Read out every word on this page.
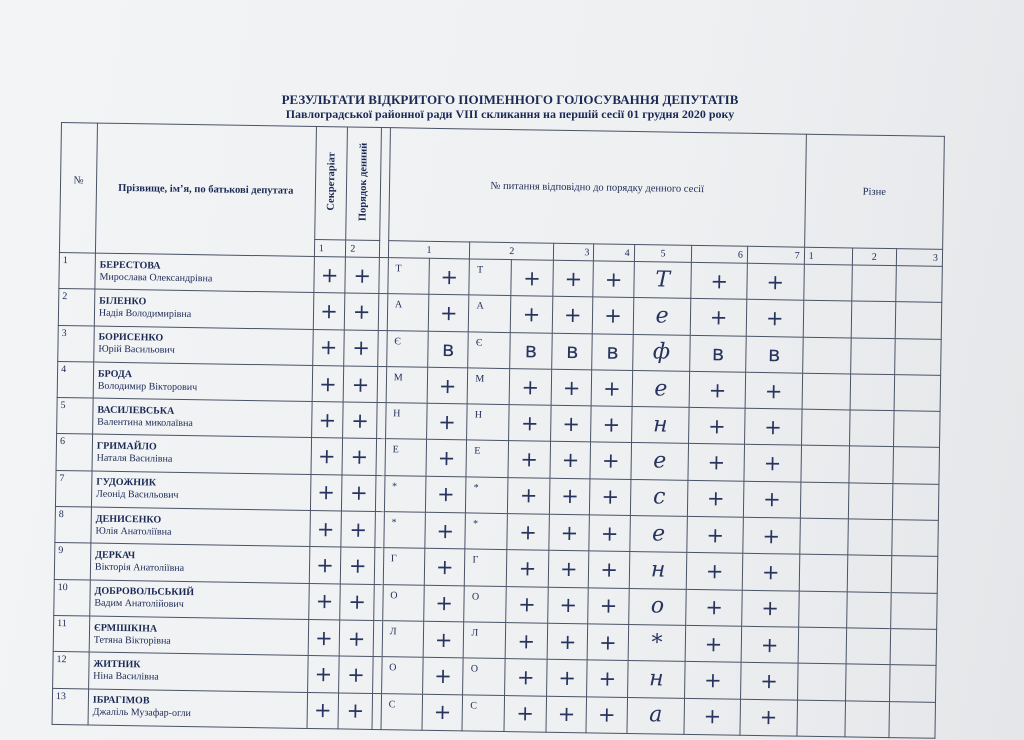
РЕЗУЛЬТАТИ ВІДКРИТОГО ПОІМЕННОГО ГОЛОСУВАННЯ ДЕПУТАТІВ
Павлоградської районної ради VIII скликання на першій сесії 01 грудня 2020 року
№	Прізвище, ім’я, по батькові депутата	Секретаріат	Порядок денний		№ питання відповідно до порядку денного сесії									Різне		
		1	2		1		2		3	4	5	6	7	1	2	3
1	БЕРЕСТОВА
Мирослава Олександрівна	+	+		Т	+	Т	+	+	+	Т	+	+			
2	БІЛЕНКО
Надія Володимирівна	+	+		А	+	А	+	+	+	е	+	+			
3	БОРИСЕНКО
Юрій Васильович	+	+		Є	в	Є	в	в	в	ф	в	в			
4	БРОДА
Володимир Вікторович	+	+		М	+	М	+	+	+	е	+	+			
5	ВАСИЛЕВСЬКА
Валентина миколаївна	+	+		Н	+	Н	+	+	+	н	+	+			
6	ГРИМАЙЛО
Наталя Василівна	+	+		Е	+	Е	+	+	+	е	+	+			
7	ГУДОЖНИК
Леонід Васильович	+	+		*	+	*	+	+	+	с	+	+			
8	ДЕНИСЕНКО
Юлія Анатоліївна	+	+		*	+	*	+	+	+	е	+	+			
9	ДЕРКАЧ
Вікторія Анатоліївна	+	+		Г	+	Г	+	+	+	н	+	+			
10	ДОБРОВОЛЬСЬКИЙ
Вадим Анатолійович	+	+		О	+	О	+	+	+	о	+	+			
11	ЄРМІШКІНА
Тетяна Вікторівна	+	+		Л	+	Л	+	+	+	*	+	+			
12	ЖИТНИК
Ніна Василівна	+	+		О	+	О	+	+	+	н	+	+			
13	ІБРАГІМОВ
Джаліль Музафар-огли	+	+		С	+	С	+	+	+	а	+	+			
